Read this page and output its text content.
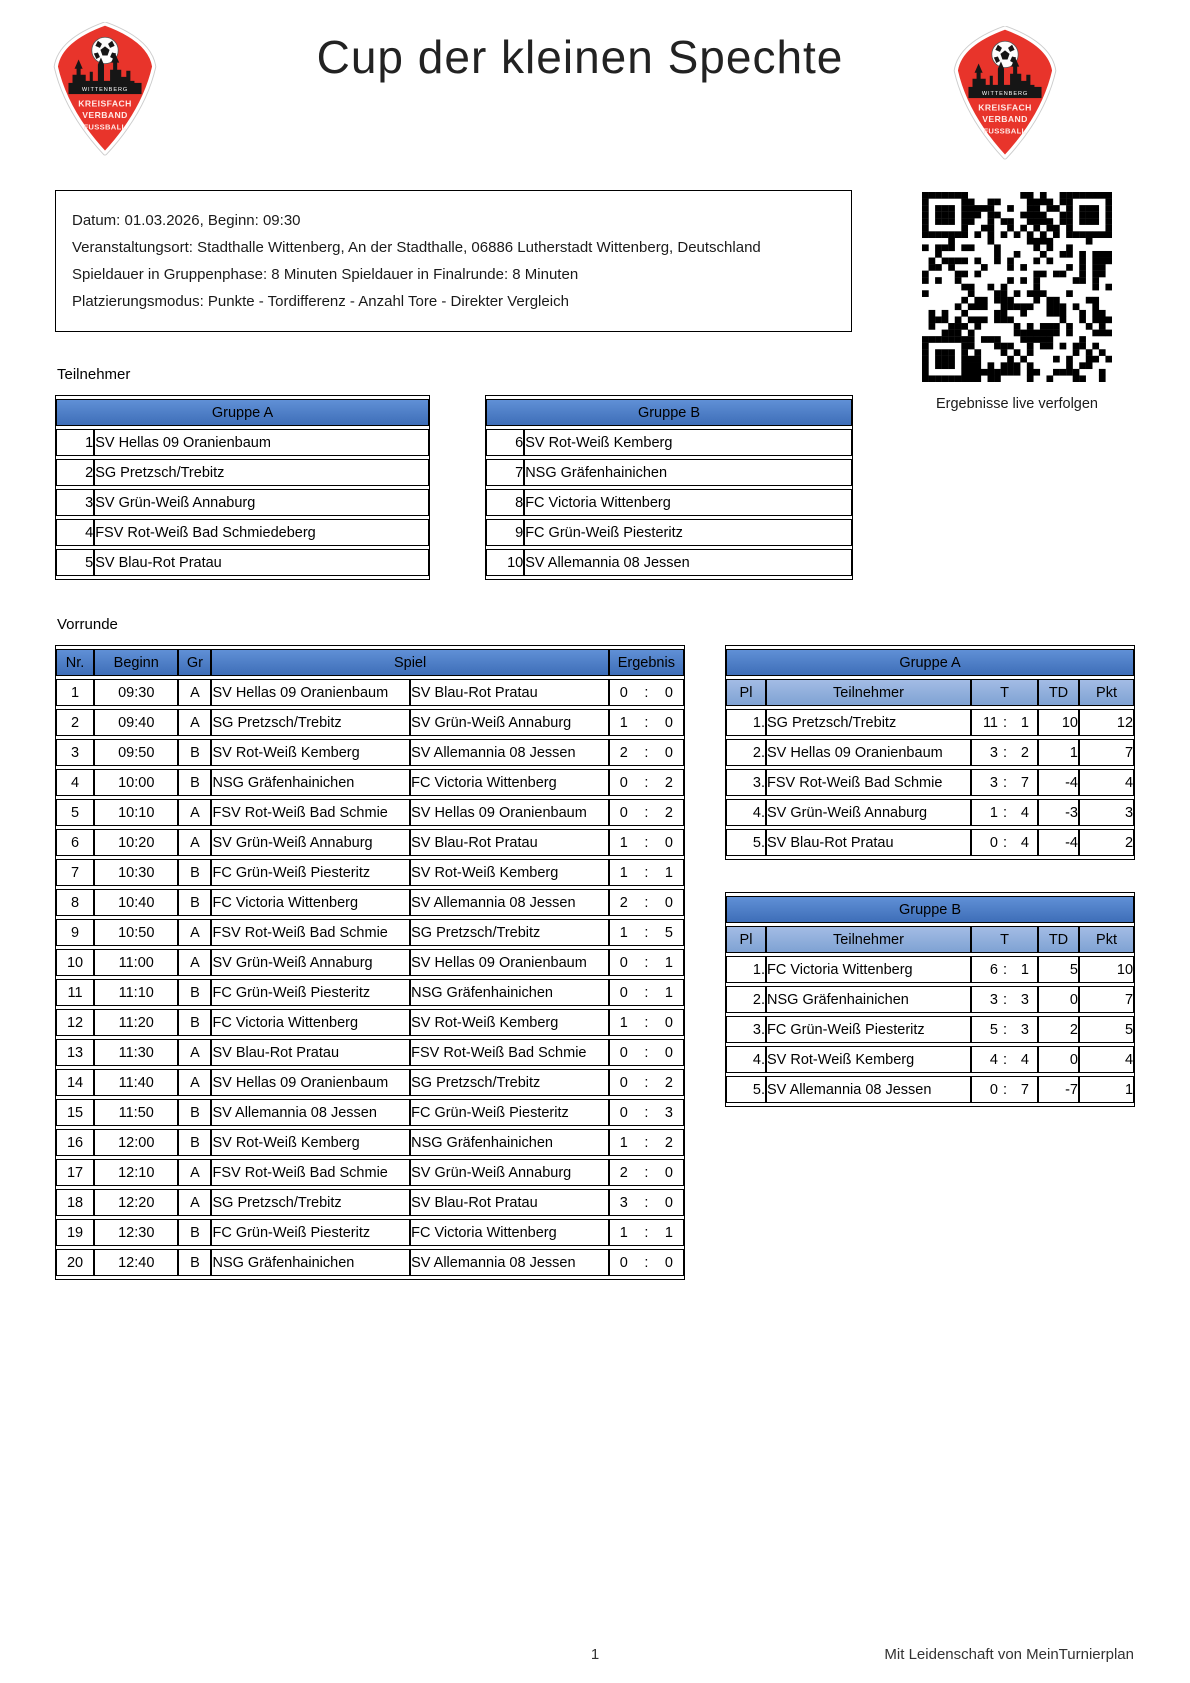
WITTENBERG
KREISFACH
VERBAND
FUSSBALL
Cup der kleinen Spechte
WITTENBERG
KREISFACH
VERBAND
FUSSBALL
Datum: 01.03.2026, Beginn: 09:30
Veranstaltungsort: Stadthalle Wittenberg, An der Stadthalle, 06886 Lutherstadt Wittenberg, Deutschland
Spieldauer in Gruppenphase: 8 Minuten Spieldauer in Finalrunde: 8 Minuten
Platzierungsmodus: Punkte - Tordifferenz - Anzahl Tore - Direkter Vergleich
Ergebnisse live verfolgen
Teilnehmer
Gruppe A	
1	SV Hellas 09 Oranienbaum
2	SG Pretzsch/Trebitz
3	SV Grün-Weiß Annaburg
4	FSV Rot-Weiß Bad Schmiedeberg
5	SV Blau-Rot Pratau
Gruppe B	
6	SV Rot-Weiß Kemberg
7	NSG Gräfenhainichen
8	FC Victoria Wittenberg
9	FC Grün-Weiß Piesteritz
10	SV Allemannia 08 Jessen
Vorrunde
Nr.	Beginn	Gr	Spiel		Ergebnis
1	09:30	A	SV Hellas 09 Oranienbaum	SV Blau-Rot Pratau	0 : 0

2	09:40	A	SG Pretzsch/Trebitz	SV Grün-Weiß Annaburg	1 : 0

3	09:50	B	SV Rot-Weiß Kemberg	SV Allemannia 08 Jessen	2 : 0

4	10:00	B	NSG Gräfenhainichen	FC Victoria Wittenberg	0 : 2

5	10:10	A	FSV Rot-Weiß Bad Schmie	SV Hellas 09 Oranienbaum	0 : 2

6	10:20	A	SV Grün-Weiß Annaburg	SV Blau-Rot Pratau	1 : 0

7	10:30	B	FC Grün-Weiß Piesteritz	SV Rot-Weiß Kemberg	1 : 1

8	10:40	B	FC Victoria Wittenberg	SV Allemannia 08 Jessen	2 : 0

9	10:50	A	FSV Rot-Weiß Bad Schmie	SG Pretzsch/Trebitz	1 : 5

10	11:00	A	SV Grün-Weiß Annaburg	SV Hellas 09 Oranienbaum	0 : 1

11	11:10	B	FC Grün-Weiß Piesteritz	NSG Gräfenhainichen	0 : 1

12	11:20	B	FC Victoria Wittenberg	SV Rot-Weiß Kemberg	1 : 0

13	11:30	A	SV Blau-Rot Pratau	FSV Rot-Weiß Bad Schmie	0 : 0

14	11:40	A	SV Hellas 09 Oranienbaum	SG Pretzsch/Trebitz	0 : 2

15	11:50	B	SV Allemannia 08 Jessen	FC Grün-Weiß Piesteritz	0 : 3

16	12:00	B	SV Rot-Weiß Kemberg	NSG Gräfenhainichen	1 : 2

17	12:10	A	FSV Rot-Weiß Bad Schmie	SV Grün-Weiß Annaburg	2 : 0

18	12:20	A	SG Pretzsch/Trebitz	SV Blau-Rot Pratau	3 : 0

19	12:30	B	FC Grün-Weiß Piesteritz	FC Victoria Wittenberg	1 : 1

20	12:40	B	NSG Gräfenhainichen	SV Allemannia 08 Jessen	0 : 0
Gruppe A				
Pl	Teilnehmer	T	TD	Pkt
1.	SG Pretzsch/Trebitz	11 : 1	10	12
2.	SV Hellas 09 Oranienbaum	3 : 2	1	7
3.	FSV Rot-Weiß Bad Schmie	3 : 7	-4	4
4.	SV Grün-Weiß Annaburg	1 : 4	-3	3
5.	SV Blau-Rot Pratau	0 : 4	-4	2
Gruppe B				
Pl	Teilnehmer	T	TD	Pkt
1.	FC Victoria Wittenberg	6 : 1	5	10
2.	NSG Gräfenhainichen	3 : 3	0	7
3.	FC Grün-Weiß Piesteritz	5 : 3	2	5
4.	SV Rot-Weiß Kemberg	4 : 4	0	4
5.	SV Allemannia 08 Jessen	0 : 7	-7	1
1	Mit Leidenschaft von MeinTurnierplan
